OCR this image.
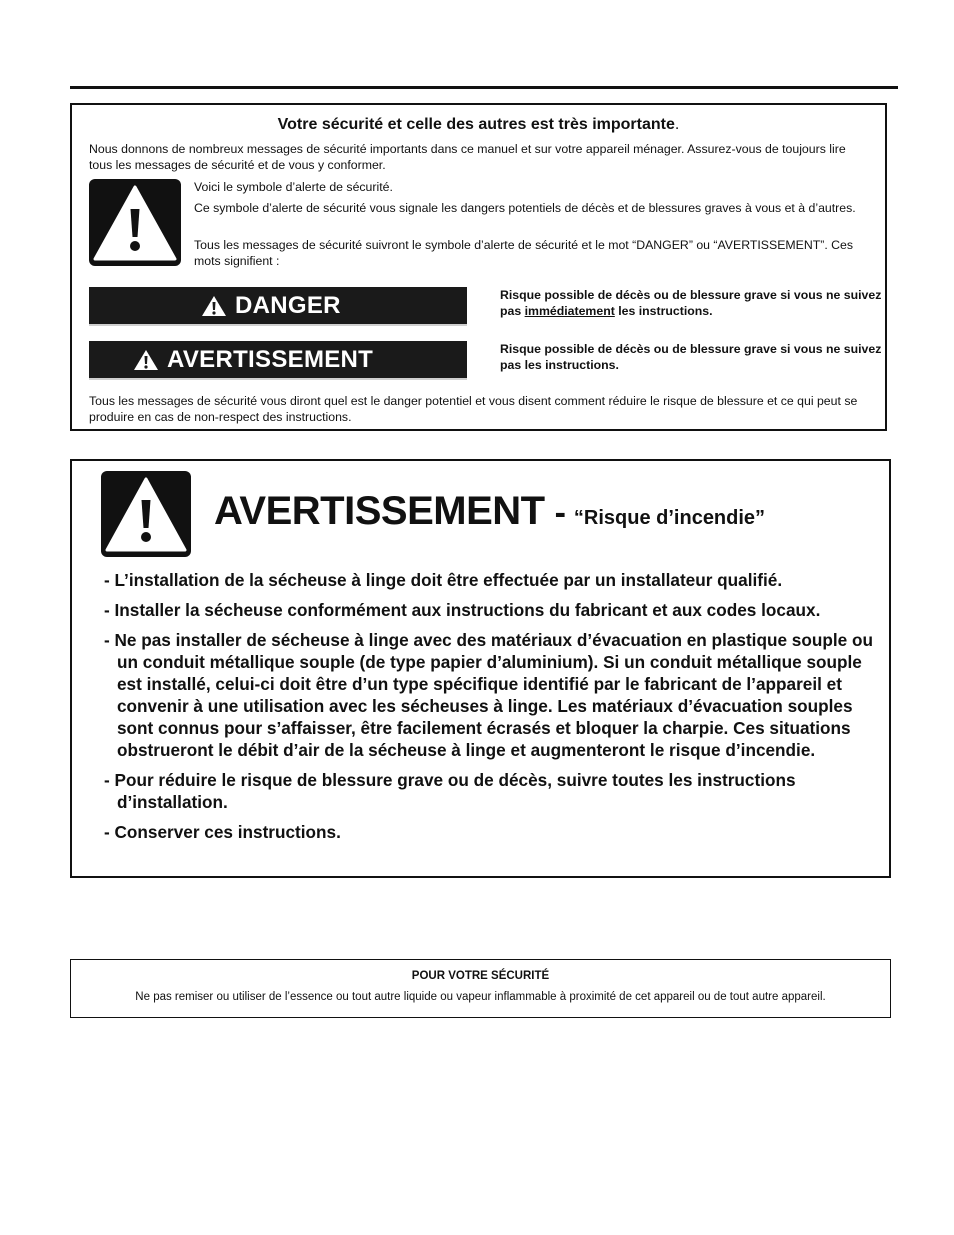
Votre sécurité et celle des autres est très importante.
Nous donnons de nombreux messages de sécurité importants dans ce manuel et sur votre appareil ménager. Assurez-vous de toujours lire tous les messages de sécurité et de vous y conformer.
Voici le symbole d’alerte de sécurité.
Ce symbole d’alerte de sécurité vous signale les dangers potentiels de décès et de blessures graves à vous et à d’autres.
Tous les messages de sécurité suivront le symbole d’alerte de sécurité et le mot “DANGER” ou “AVERTISSEMENT”. Ces mots signifient :
DANGER	Risque possible de décès ou de blessure grave si vous ne suivez pas immédiatement les instructions.
AVERTISSEMENT	Risque possible de décès ou de blessure grave si vous ne suivez pas les instructions.
Tous les messages de sécurité vous diront quel est le danger potentiel et vous disent comment réduire le risque de blessure et ce qui peut se produire en cas de non-respect des instructions.
AVERTISSEMENT - “Risque d’incendie”
- L’installation de la sécheuse à linge doit être effectuée par un installateur qualifié.
- Installer la sécheuse conformément aux instructions du fabricant et aux codes locaux.
- Ne pas installer de sécheuse à linge avec des matériaux d’évacuation en plastique souple ou un conduit métallique souple (de type papier d’aluminium). Si un conduit métallique souple est installé, celui-ci doit être d’un type spécifique identifié par le fabricant de l’appareil et convenir à une utilisation avec les sécheuses à linge. Les matériaux d’évacuation souples sont connus pour s’affaisser, être facilement écrasés et bloquer la charpie. Ces situations obstrueront le débit d’air de la sécheuse à linge et augmenteront le risque d’incendie.
- Pour réduire le risque de blessure grave ou de décès, suivre toutes les instructions d’installation.
- Conserver ces instructions.
POUR VOTRE SÉCURITÉ
Ne pas remiser ou utiliser de l’essence ou tout autre liquide ou vapeur inflammable à proximité de cet appareil ou de tout autre appareil.
